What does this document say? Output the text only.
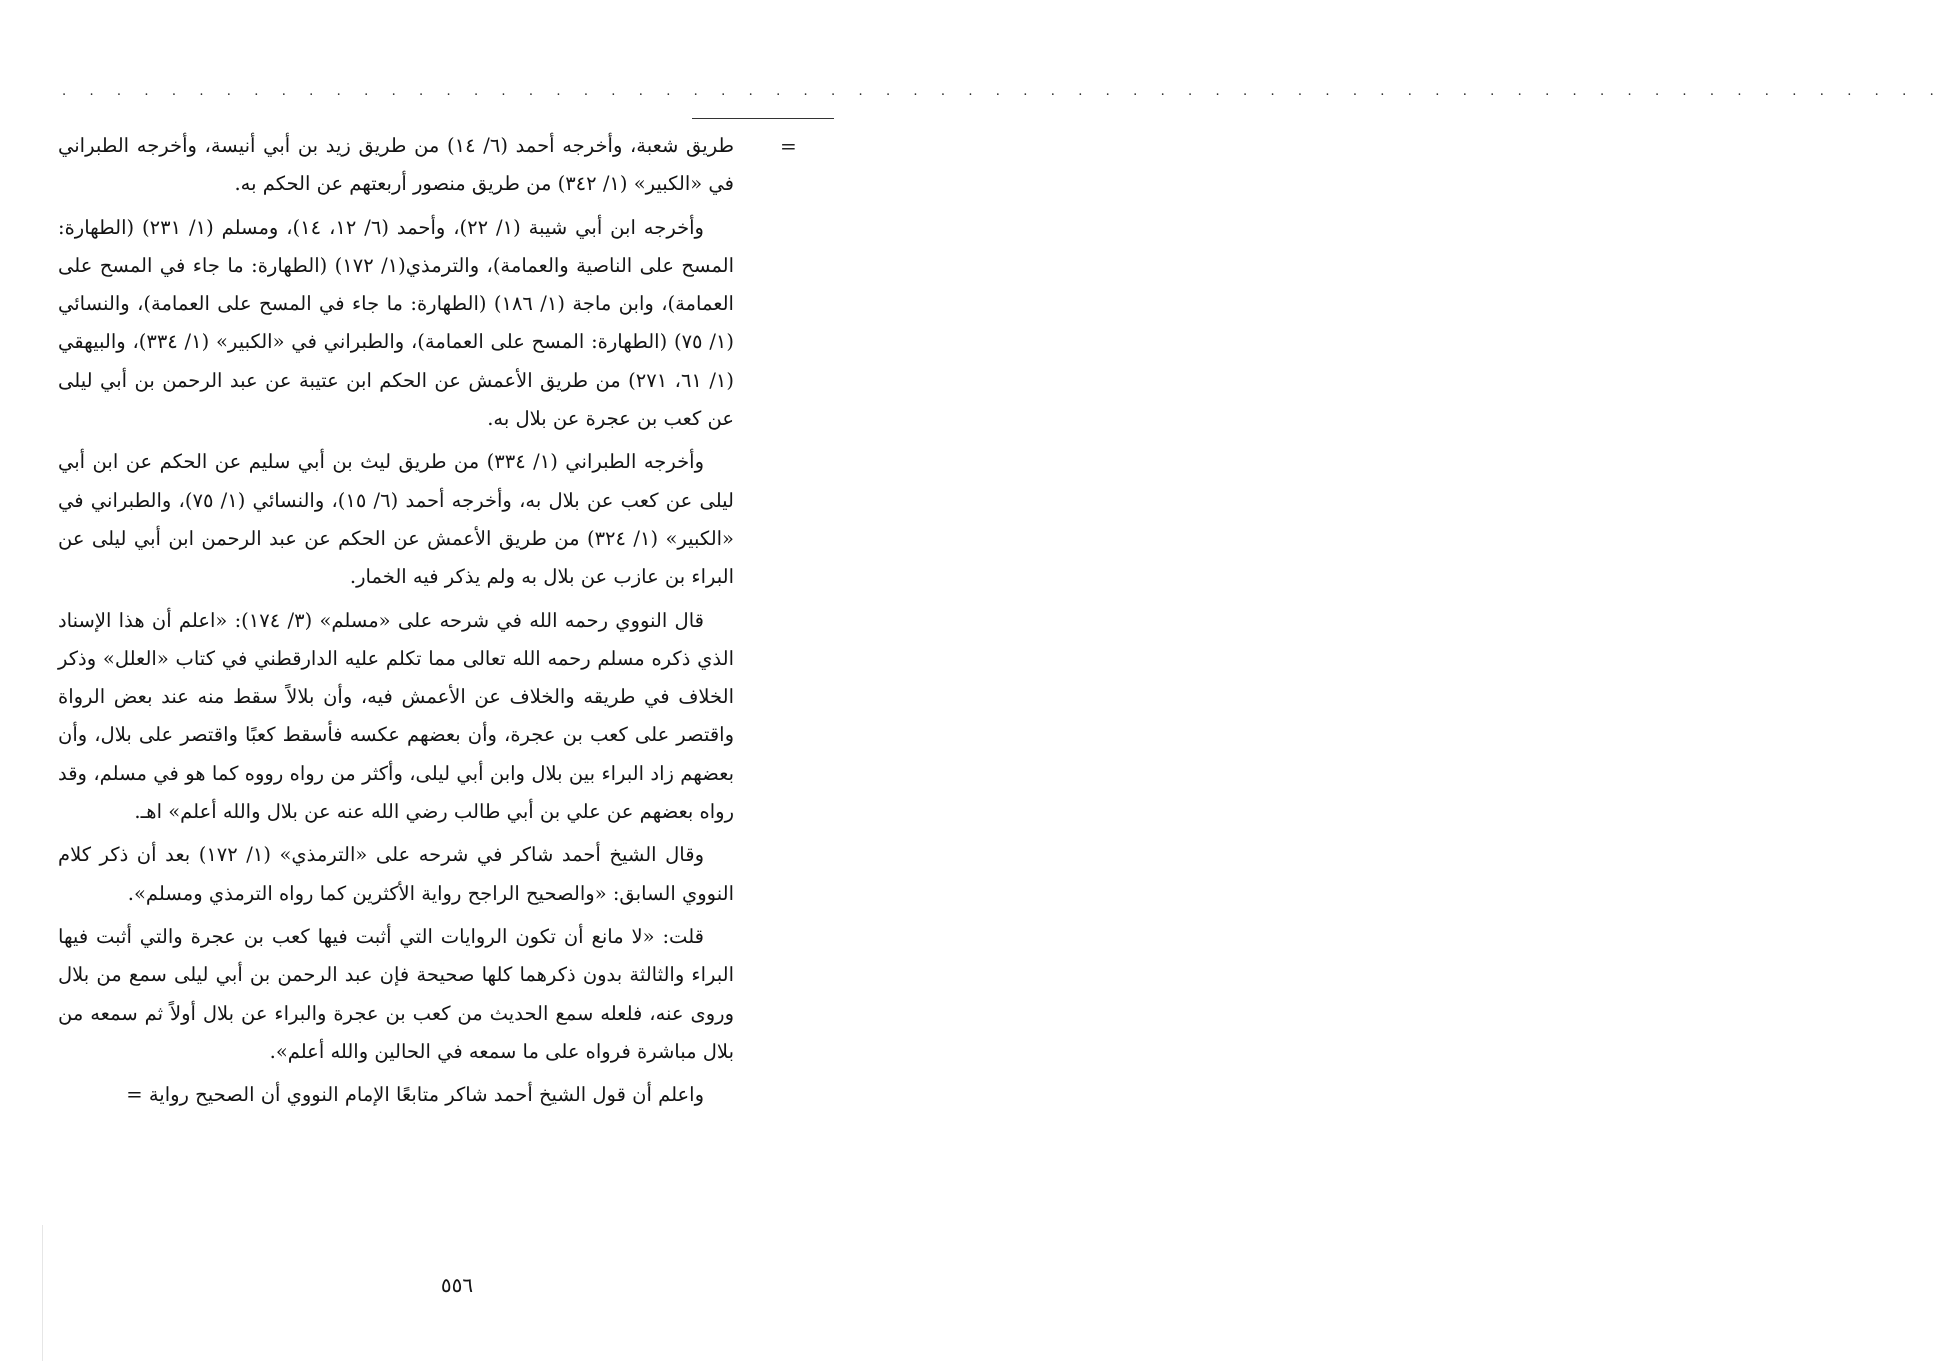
. . . . . . . . . . . . . . . . . . . . . . . . . . . . . . . . . . . . . . . . . . . . . . . . . . . . . . . . . . . . . . . . . . . . .
=

طريق شعبة، وأخرجه أحمد (٦/ ١٤) من طريق زيد بن أبي أنيسة، وأخرجه الطبراني في «الكبير» (١/ ٣٤٢) من طريق منصور أربعتهم عن الحكم به.

وأخرجه ابن أبي شيبة (١/ ٢٢)، وأحمد (٦/ ١٢، ١٤)، ومسلم (١/ ٢٣١) (الطهارة: المسح على الناصية والعمامة)، والترمذي(١/ ١٧٢) (الطهارة: ما جاء في المسح على العمامة)، وابن ماجة (١/ ١٨٦) (الطهارة: ما جاء في المسح على العمامة)، والنسائي (١/ ٧٥) (الطهارة: المسح على العمامة)، والطبراني في «الكبير» (١/ ٣٣٤)، والبيهقي (١/ ٦١، ٢٧١) من طريق الأعمش عن الحكم ابن عتيبة عن عبد الرحمن بن أبي ليلى عن كعب بن عجرة عن بلال به.

وأخرجه الطبراني (١/ ٣٣٤) من طريق ليث بن أبي سليم عن الحكم عن ابن أبي ليلى عن كعب عن بلال به، وأخرجه أحمد (٦/ ١٥)، والنسائي (١/ ٧٥)، والطبراني في «الكبير» (١/ ٣٢٤) من طريق الأعمش عن الحكم عن عبد الرحمن ابن أبي ليلى عن البراء بن عازب عن بلال به ولم يذكر فيه الخمار.

قال النووي رحمه الله في شرحه على «مسلم» (٣/ ١٧٤): «اعلم أن هذا الإسناد الذي ذكره مسلم رحمه الله تعالى مما تكلم عليه الدارقطني في كتاب «العلل» وذكر الخلاف في طريقه والخلاف عن الأعمش فيه، وأن بلالاً سقط منه عند بعض الرواة واقتصر على كعب بن عجرة، وأن بعضهم عكسه فأسقط كعبًا واقتصر على بلال، وأن بعضهم زاد البراء بين بلال وابن أبي ليلى، وأكثر من رواه رووه كما هو في مسلم، وقد رواه بعضهم عن علي بن أبي طالب رضي الله عنه عن بلال والله أعلم» اهـ.

وقال الشيخ أحمد شاكر في شرحه على «الترمذي» (١/ ١٧٢) بعد أن ذكر كلام النووي السابق: «والصحيح الراجح رواية الأكثرين كما رواه الترمذي ومسلم».

قلت: «لا مانع أن تكون الروايات التي أثبت فيها كعب بن عجرة والتي أثبت فيها البراء والثالثة بدون ذكرهما كلها صحيحة فإن عبد الرحمن بن أبي ليلى سمع من بلال وروى عنه، فلعله سمع الحديث من كعب بن عجرة والبراء عن بلال أولاً ثم سمعه من بلال مباشرة فرواه على ما سمعه في الحالين والله أعلم».

واعلم أن قول الشيخ أحمد شاكر متابعًا الإمام النووي أن الصحيح رواية =

٥٥٦
